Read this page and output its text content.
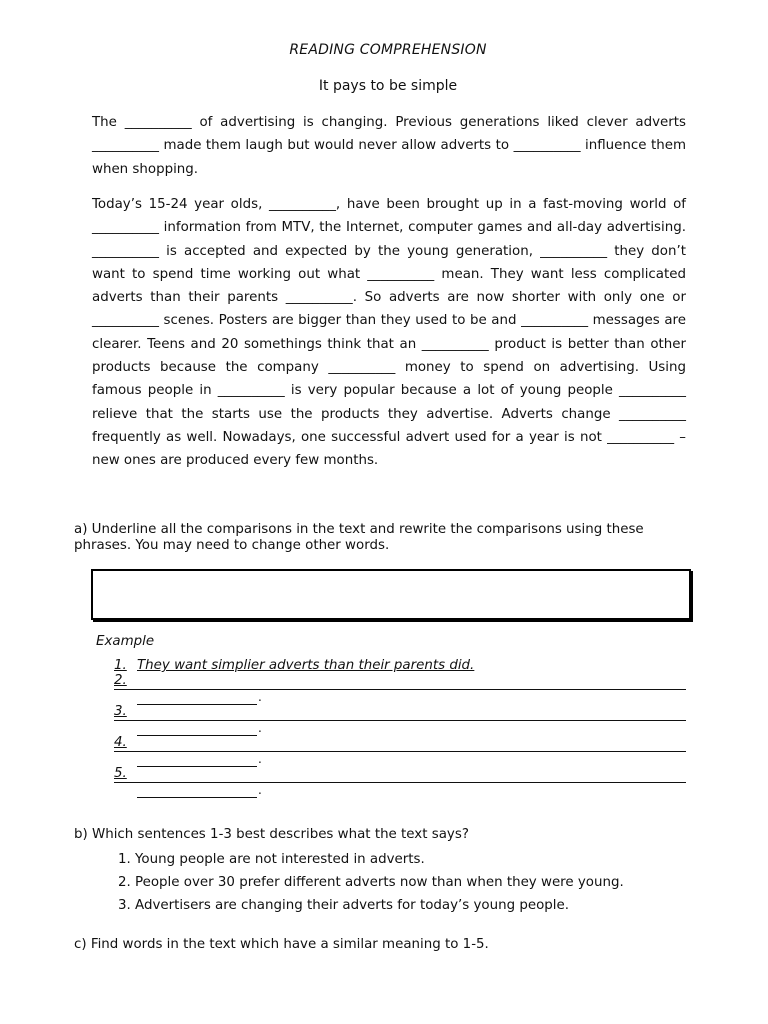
READING COMPREHENSION
It pays to be simple

The __________ of advertising is changing. Previous generations liked clever adverts __________ made them laugh but would never allow adverts to __________ influence them when shopping.

Today’s 15-24 year olds, __________, have been brought up in a fast-moving world of __________ information from MTV, the Internet, computer games and all-day advertising. __________ is accepted and expected by the young generation, __________ they don’t want to spend time working out what __________ mean. They want less complicated adverts than their parents __________. So adverts are now shorter with only one or __________ scenes. Posters are bigger than they used to be and __________ messages are clearer. Teens and 20 somethings think that an __________ product is better than other products because the company __________ money to spend on advertising. Using famous people in __________ is very popular because a lot of young people __________ relieve that the starts use the products they advertise. Adverts change __________ frequently as well. Nowadays, one successful advert used for a year is not __________ – new ones are produced every few months.

a) Underline all the comparisons in the text and rewrite the comparisons using these phrases. You may need to change other words.

Example
1. They want simplier adverts than their parents did.
2.
.
3.
.
4.
.
5.
.

b) Which sentences 1-3 best describes what the text says?

1. Young people are not interested in adverts.
2. People over 30 prefer different adverts now than when they were young.
3. Advertisers are changing their adverts for today’s young people.

c) Find words in the text which have a similar meaning to 1-5.
